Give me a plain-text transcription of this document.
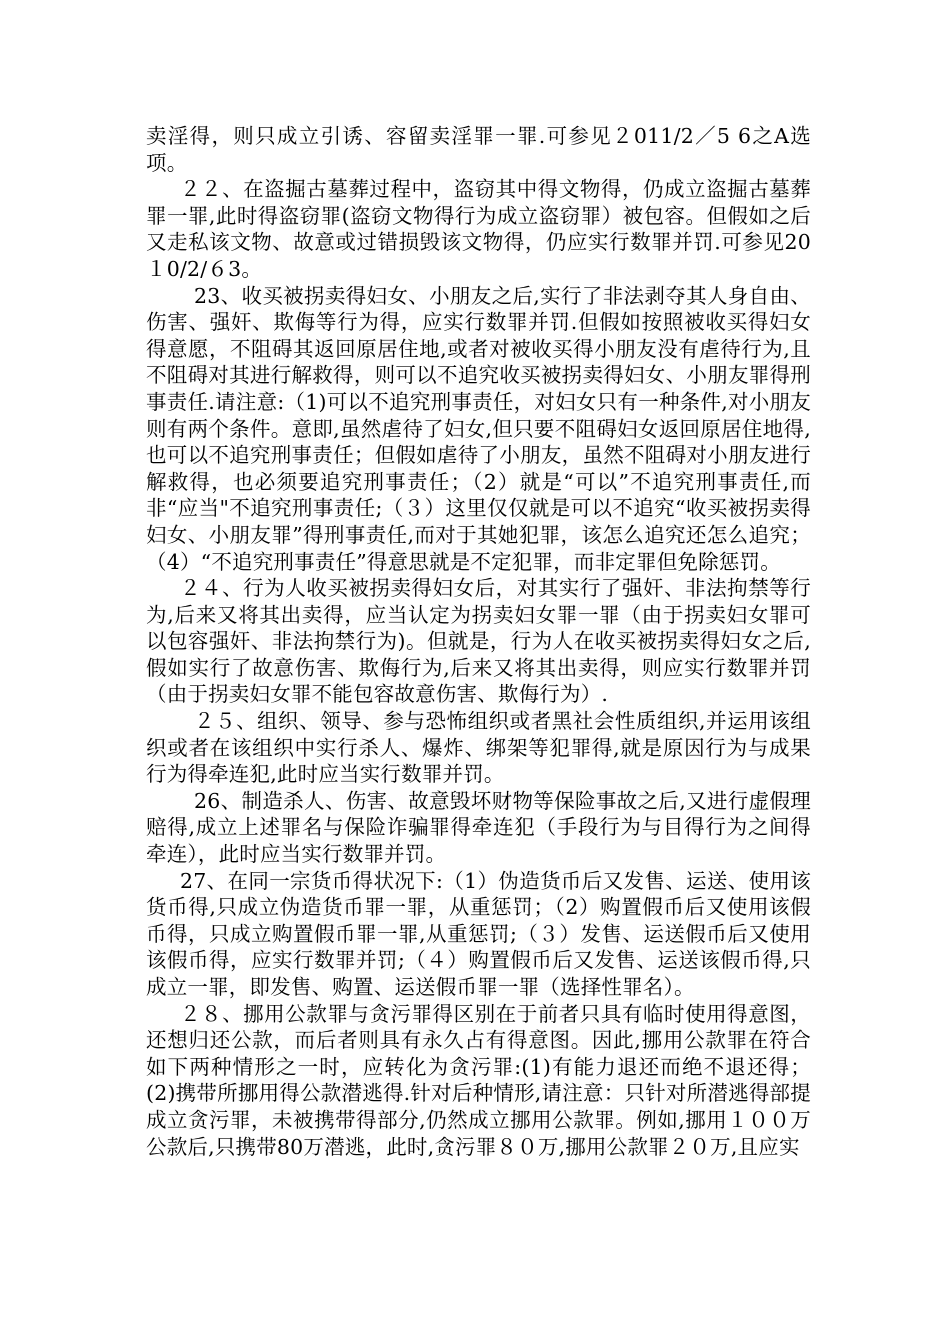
卖淫得，则只成立引诱、容留卖淫罪一罪.可参见２011/2／5 6之A选项。

２２、在盗掘古墓葬过程中，盗窃其中得文物得，仍成立盗掘古墓葬罪一罪,此时得盗窃罪(盗窃文物得行为成立盗窃罪）被包容。但假如之后又走私该文物、故意或过错损毁该文物得，仍应实行数罪并罚.可参见20１0/2/６3。

23、收买被拐卖得妇女、小朋友之后,实行了非法剥夺其人身自由、伤害、强奸、欺侮等行为得，应实行数罪并罚.但假如按照被收买得妇女得意愿，不阻碍其返回原居住地,或者对被收买得小朋友没有虐待行为,且不阻碍对其进行解救得，则可以不追究收买被拐卖得妇女、小朋友罪得刑事责任.请注意:（1)可以不追究刑事责任，对妇女只有一种条件,对小朋友则有两个条件。意即,虽然虐待了妇女,但只要不阻碍妇女返回原居住地得,也可以不追究刑事责任；但假如虐待了小朋友，虽然不阻碍对小朋友进行解救得，也必须要追究刑事责任；（2）就是“可以”不追究刑事责任,而非“应当"不追究刑事责任;（３）这里仅仅就是可以不追究“收买被拐卖得妇女、小朋友罪”得刑事责任,而对于其她犯罪，该怎么追究还怎么追究；（4）“不追究刑事责任”得意思就是不定犯罪，而非定罪但免除惩罚。

２４、行为人收买被拐卖得妇女后，对其实行了强奸、非法拘禁等行为,后来又将其出卖得，应当认定为拐卖妇女罪一罪（由于拐卖妇女罪可以包容强奸、非法拘禁行为)。但就是，行为人在收买被拐卖得妇女之后,假如实行了故意伤害、欺侮行为,后来又将其出卖得，则应实行数罪并罚（由于拐卖妇女罪不能包容故意伤害、欺侮行为）.

２５、组织、领导、参与恐怖组织或者黑社会性质组织,并运用该组织或者在该组织中实行杀人、爆炸、绑架等犯罪得,就是原因行为与成果行为得牵连犯,此时应当实行数罪并罚。

26、制造杀人、伤害、故意毁坏财物等保险事故之后,又进行虚假理赔得,成立上述罪名与保险诈骗罪得牵连犯（手段行为与目得行为之间得牵连），此时应当实行数罪并罚。

27、在同一宗货币得状况下:（1）伪造货币后又发售、运送、使用该货币得,只成立伪造货币罪一罪，从重惩罚；（2）购置假币后又使用该假币得，只成立购置假币罪一罪,从重惩罚;（３）发售、运送假币后又使用该假币得，应实行数罪并罚;（４）购置假币后又发售、运送该假币得,只成立一罪，即发售、购置、运送假币罪一罪（选择性罪名）。

２８、挪用公款罪与贪污罪得区别在于前者只具有临时使用得意图，还想归还公款，而后者则具有永久占有得意图。因此,挪用公款罪在符合如下两种情形之一时，应转化为贪污罪:(1)有能力退还而绝不退还得；(2)携带所挪用得公款潜逃得.针对后种情形,请注意：只针对所潜逃得部提成立贪污罪，未被携带得部分,仍然成立挪用公款罪。例如,挪用１００万公款后,只携带80万潜逃，此时,贪污罪８０万,挪用公款罪２０万,且应实
